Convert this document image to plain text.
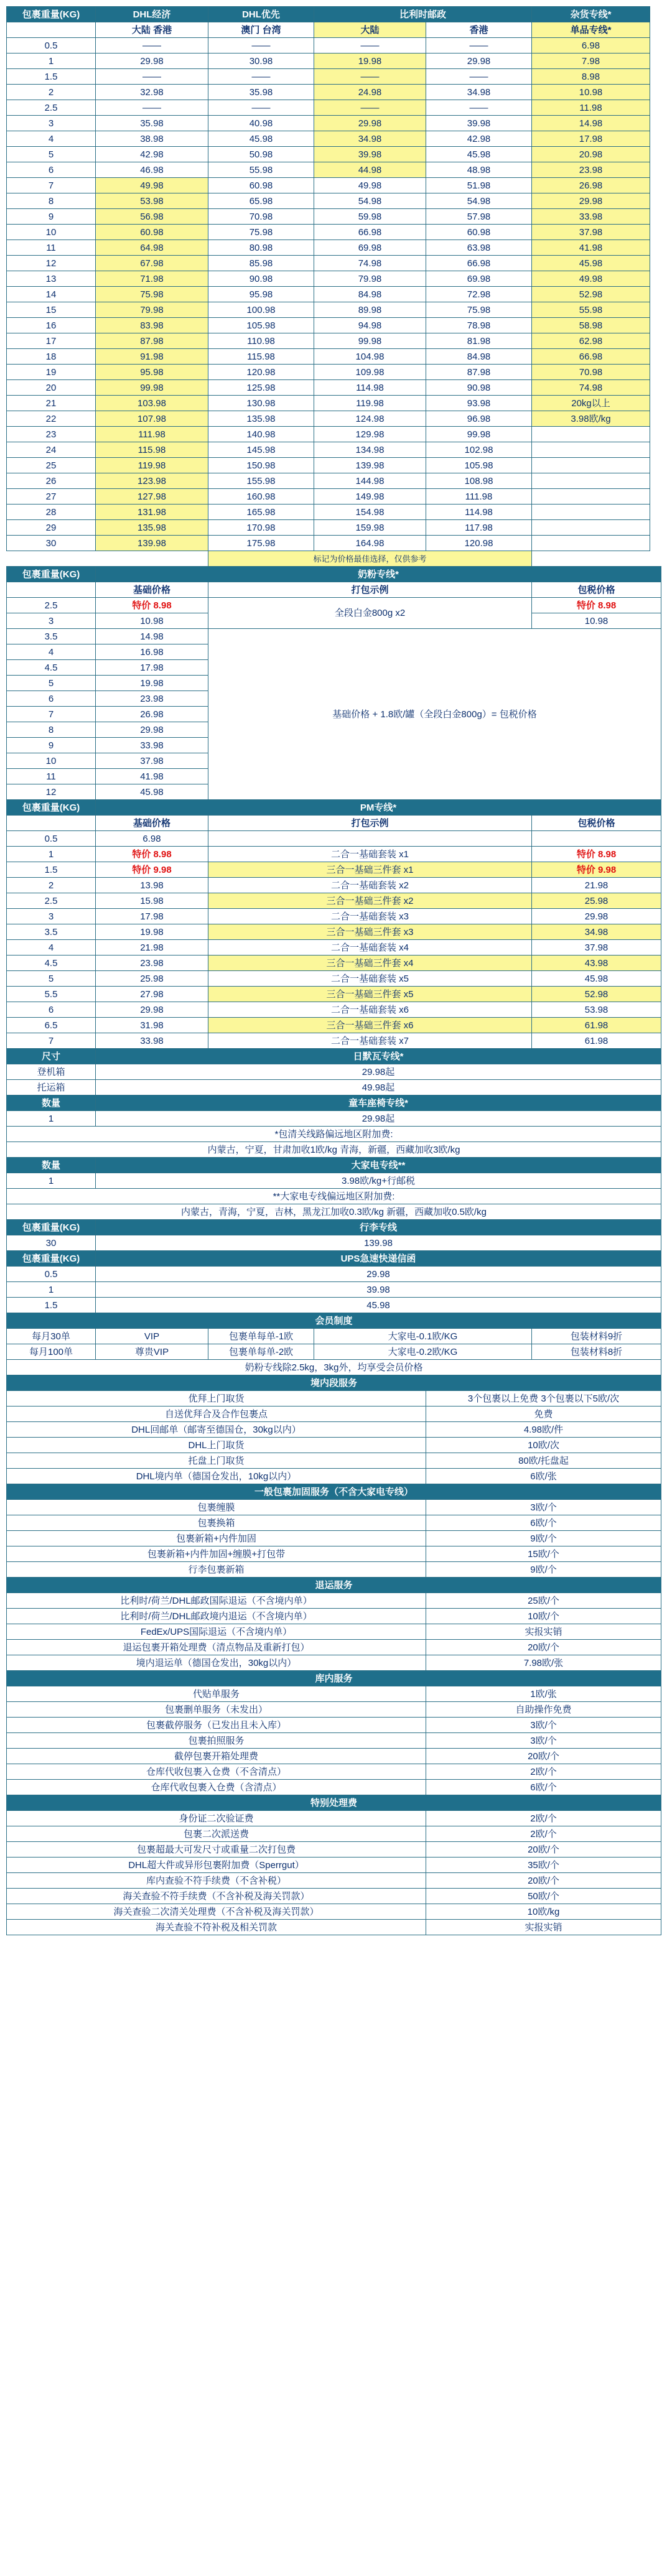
包裹重量(KG)	DHL经济	DHL优先	比利时邮政		杂货专线*	
	大陆 香港	澳门 台湾	大陆	香港	单品专线*	
0.5	——	——	——	——	6.98	
1	29.98	30.98	19.98	29.98	7.98	
1.5	——	——	——	——	8.98	
2	32.98	35.98	24.98	34.98	10.98	
2.5	——	——	——	——	11.98	
3	35.98	40.98	29.98	39.98	14.98	
4	38.98	45.98	34.98	42.98	17.98	
5	42.98	50.98	39.98	45.98	20.98	
6	46.98	55.98	44.98	48.98	23.98	
7	49.98	60.98	49.98	51.98	26.98	
8	53.98	65.98	54.98	54.98	29.98	
9	56.98	70.98	59.98	57.98	33.98	
10	60.98	75.98	66.98	60.98	37.98	
11	64.98	80.98	69.98	63.98	41.98	
12	67.98	85.98	74.98	66.98	45.98	
13	71.98	90.98	79.98	69.98	49.98	
14	75.98	95.98	84.98	72.98	52.98	
15	79.98	100.98	89.98	75.98	55.98	
16	83.98	105.98	94.98	78.98	58.98	
17	87.98	110.98	99.98	81.98	62.98	
18	91.98	115.98	104.98	84.98	66.98	
19	95.98	120.98	109.98	87.98	70.98	
20	99.98	125.98	114.98	90.98	74.98	
21	103.98	130.98	119.98	93.98	20kg以上	
22	107.98	135.98	124.98	96.98	3.98欧/kg	
23	111.98	140.98	129.98	99.98		
24	115.98	145.98	134.98	102.98		
25	119.98	150.98	139.98	105.98		
26	123.98	155.98	144.98	108.98		
27	127.98	160.98	149.98	111.98		
28	131.98	165.98	154.98	114.98		
29	135.98	170.98	159.98	117.98		
30	139.98	175.98	164.98	120.98		
		标记为价格最佳选择，仅供参考				
包裹重量(KG)	奶粉专线*					
	基础价格	打包示例			包税价格	
2.5	特价 8.98	全段白金800g x2			特价 8.98	
3	10.98				10.98	
3.5	14.98	基础价格 + 1.8欧/罐（全段白金800g）= 包税价格				
4	16.98					
4.5	17.98					
5	19.98					
6	23.98					
7	26.98					
8	29.98					
9	33.98					
10	37.98					
11	41.98					
12	45.98					
包裹重量(KG)	PM专线*					
	基础价格	打包示例			包税价格	
0.5	6.98					
1	特价 8.98	二合一基础套装 x1			特价 8.98	
1.5	特价 9.98	三合一基础三件套 x1			特价 9.98	
2	13.98	二合一基础套装 x2			21.98	
2.5	15.98	三合一基础三件套 x2			25.98	
3	17.98	二合一基础套装 x3			29.98	
3.5	19.98	三合一基础三件套 x3			34.98	
4	21.98	二合一基础套装 x4			37.98	
4.5	23.98	三合一基础三件套 x4			43.98	
5	25.98	二合一基础套装 x5			45.98	
5.5	27.98	三合一基础三件套 x5			52.98	
6	29.98	二合一基础套装 x6			53.98	
6.5	31.98	三合一基础三件套 x6			61.98	
7	33.98	二合一基础套装 x7			61.98	
尺寸	日默瓦专线*					
登机箱	29.98起					
托运箱	49.98起					
数量	童车座椅专线*					
1	29.98起					
*包清关线路偏远地区附加费:						
内蒙古，宁夏，甘肃加收1欧/kg 青海，新疆，西藏加收3欧/kg						
数量	大家电专线**					
1	3.98欧/kg+行邮税					
**大家电专线偏远地区附加费:						
内蒙古，青海，宁夏，吉林，黑龙江加收0.3欧/kg 新疆，西藏加收0.5欧/kg						
包裹重量(KG)	行李专线					
30	139.98					
包裹重量(KG)	UPS急速快递信函					
0.5	29.98					
1	39.98					
1.5	45.98					
会员制度						
每月30单	VIP	包裹单每单-1欧	大家电-0.1欧/KG		包装材料9折	
每月100单	尊贵VIP	包裹单每单-2欧	大家电-0.2欧/KG		包装材料8折	
奶粉专线除2.5kg，3kg外，均享受会员价格						
境内段服务						
优拜上门取货				3个包裹以上免费 3个包裹以下5欧/次		
自送优拜合及合作包裹点				免费		
DHL回邮单（邮寄至德国仓，30kg以内）				4.98欧/件		
DHL上门取货				10欧/次		
托盘上门取货				80欧/托盘起		
DHL境内单（德国仓发出，10kg以内）				6欧/张		
一般包裹加固服务（不含大家电专线）						
包裹缠膜				3欧/个		
包裹换箱				6欧/个		
包裹新箱+内件加固				9欧/个		
包裹新箱+内件加固+缠膜+打包带				15欧/个		
行李包裹新箱				9欧/个		
退运服务						
比利时/荷兰/DHL邮政国际退运（不含境内单）				25欧/个		
比利时/荷兰/DHL邮政境内退运（不含境内单）				10欧/个		
FedEx/UPS国际退运（不含境内单）				实报实销		
退运包裹开箱处理费（清点物品及重新打包）				20欧/个		
境内退运单（德国仓发出，30kg以内）				7.98欧/张		
库内服务						
代贴单服务				1欧/张		
包裹删单服务（未发出）				自助操作免费		
包裹截停服务（已发出且未入库）				3欧/个		
包裹拍照服务				3欧/个		
截停包裹开箱处理费				20欧/个		
仓库代收包裹入仓费（不含清点）				2欧/个		
仓库代收包裹入仓费（含清点）				6欧/个		
特别处理费						
身份证二次验证费				2欧/个		
包裹二次派送费				2欧/个		
包裹超最大可发尺寸或重量二次打包费				20欧/个		
DHL超大件或异形包裹附加费（Sperrgut）				35欧/个		
库内查验不符手续费（不含补税）				20欧/个		
海关查验不符手续费（不含补税及海关罚款）				50欧/个		
海关查验二次清关处理费（不含补税及海关罚款）				10欧/kg		
海关查验不符补税及相关罚款				实报实销		
